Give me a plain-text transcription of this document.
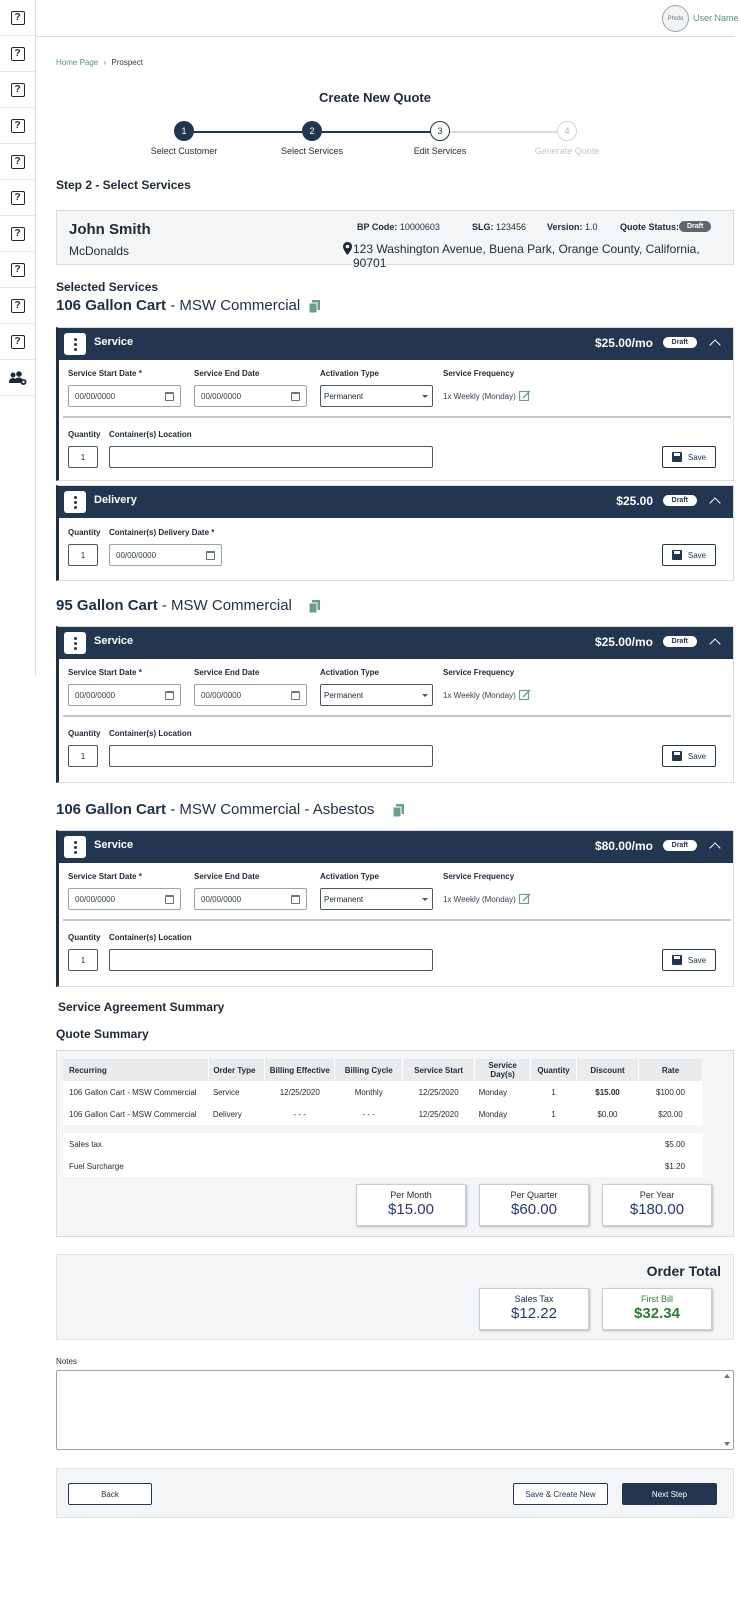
?
?
?
?
?
?
?
?
?
?
Photo User Name
Home Page › Prospect
Create New Quote
1
Select Customer
2
Select Services
3
Edit Services
4
Generate Quote
Step 2 - Select Services
John Smith
McDonalds
BP Code: 10000603	SLG: 123456 Version: 1.0 Quote Status:	Draft
123 Washington Avenue, Buena Park, Orange County, California, 90701
Selected Services
106 Gallon Cart - MSW Commercial
Service	$25.00/mo	Draft
Service Start Date *
00/00/0000
Service End Date
00/00/0000
Activation Type
Permanent
Service Frequency
1x Weekly (Monday)
Quantity
1
Container(s) Location
Save
Delivery	$25.00	Draft
Quantity
1
Container(s) Delivery Date *
00/00/0000	Save
95 Gallon Cart - MSW Commercial
Service	$25.00/mo	Draft
Service Start Date *
00/00/0000
Service End Date
00/00/0000
Activation Type
Permanent
Service Frequency
1x Weekly (Monday)
Quantity
1
Container(s) Location
Save
106 Gallon Cart - MSW Commercial - Asbestos
Service	$80.00/mo	Draft
Service Start Date *
00/00/0000
Service End Date
00/00/0000
Activation Type
Permanent
Service Frequency
1x Weekly (Monday)
Quantity
1
Container(s) Location
Save
Service Agreement Summary
Quote Summary
Recurring	Order Type	Billing Effective	Billing Cycle	Service Start	Service Day(s)	Quantity	Discount	Rate
106 Gallon Cart - MSW Commercial	Service	12/25/2020	Monthly	12/25/2020	Monday	1	$15.00	$100.00
106 Gallon Cart - MSW Commercial	Delivery	- - -	- - -	12/25/2020	Monday	1	$0.00	$20.00
Sales tax	$5.00
Fuel Surcharge	$1.20
Per Month
$15.00
Per Quarter
$60.00
Per Year
$180.00
Order Total
Sales Tax
$12.22
First Bill
$32.34
Notes
Back	Save & Create New	Next Step
